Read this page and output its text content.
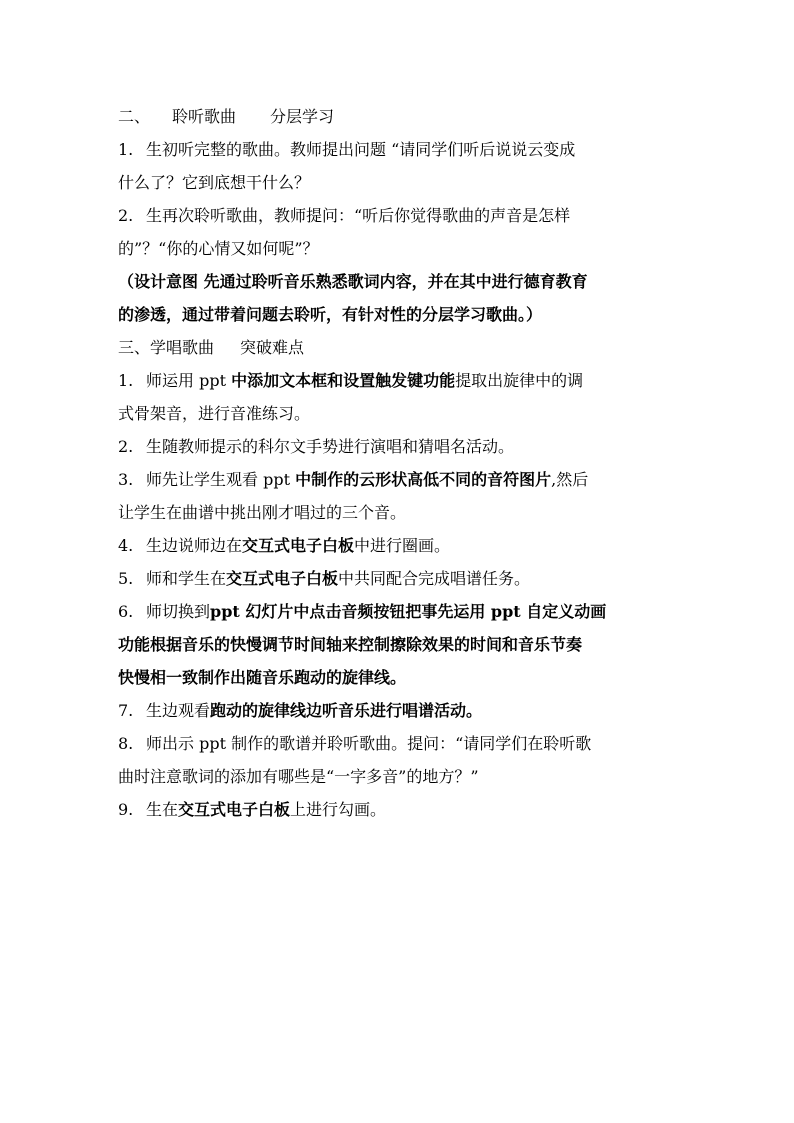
二、 聆听歌曲 分层学习
1. 生初听完整的歌曲。教师提出问题 “请同学们听后说说云变成
什么了？它到底想干什么？
2. 生再次聆听歌曲，教师提问：“听后你觉得歌曲的声音是怎样
的”？“你的心情又如何呢”？
（设计意图 先通过聆听音乐熟悉歌词内容，并在其中进行德育教育
的渗透，通过带着问题去聆听，有针对性的分层学习歌曲。）
三、学唱歌曲 突破难点
1. 师运用 ppt 中添加文本框和设置触发键功能提取出旋律中的调
式骨架音，进行音准练习。
2. 生随教师提示的科尔文手势进行演唱和猜唱名活动。
3. 师先让学生观看 ppt 中制作的云形状高低不同的音符图片,然后
让学生在曲谱中挑出刚才唱过的三个音。
4. 生边说师边在交互式电子白板中进行圈画。
5. 师和学生在交互式电子白板中共同配合完成唱谱任务。
6. 师切换到ppt 幻灯片中点击音频按钮把事先运用 ppt 自定义动画
功能根据音乐的快慢调节时间轴来控制擦除效果的时间和音乐节奏
快慢相一致制作出随音乐跑动的旋律线。
7. 生边观看跑动的旋律线边听音乐进行唱谱活动。
8. 师出示 ppt 制作的歌谱并聆听歌曲。提问：“请同学们在聆听歌
曲时注意歌词的添加有哪些是“一字多音”的地方？”
9. 生在交互式电子白板上进行勾画。
